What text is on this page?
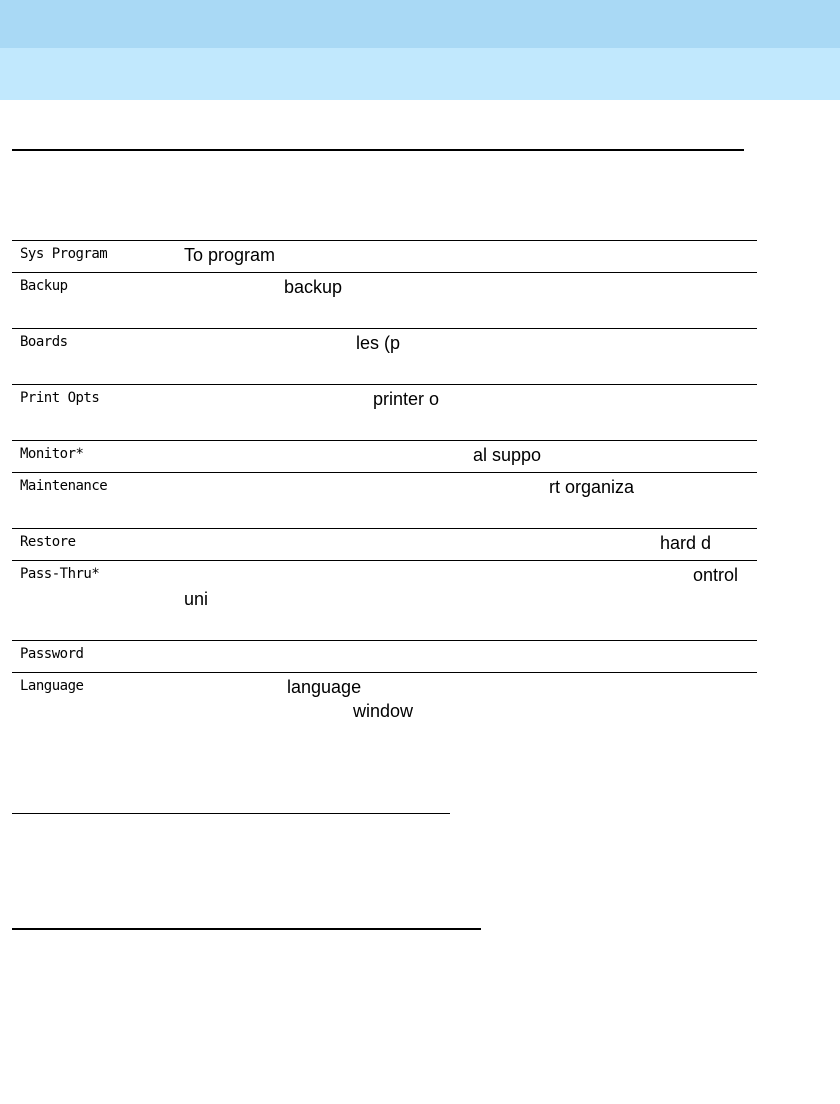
Sys Program	To program
Backup	backup
Boards	les (p
Print Opts	printer o
Monitor*	al suppo
Maintenance	rt organiza
Restore	hard d
Pass-Thru*	ontrol
uni
Password
Language	language
window
